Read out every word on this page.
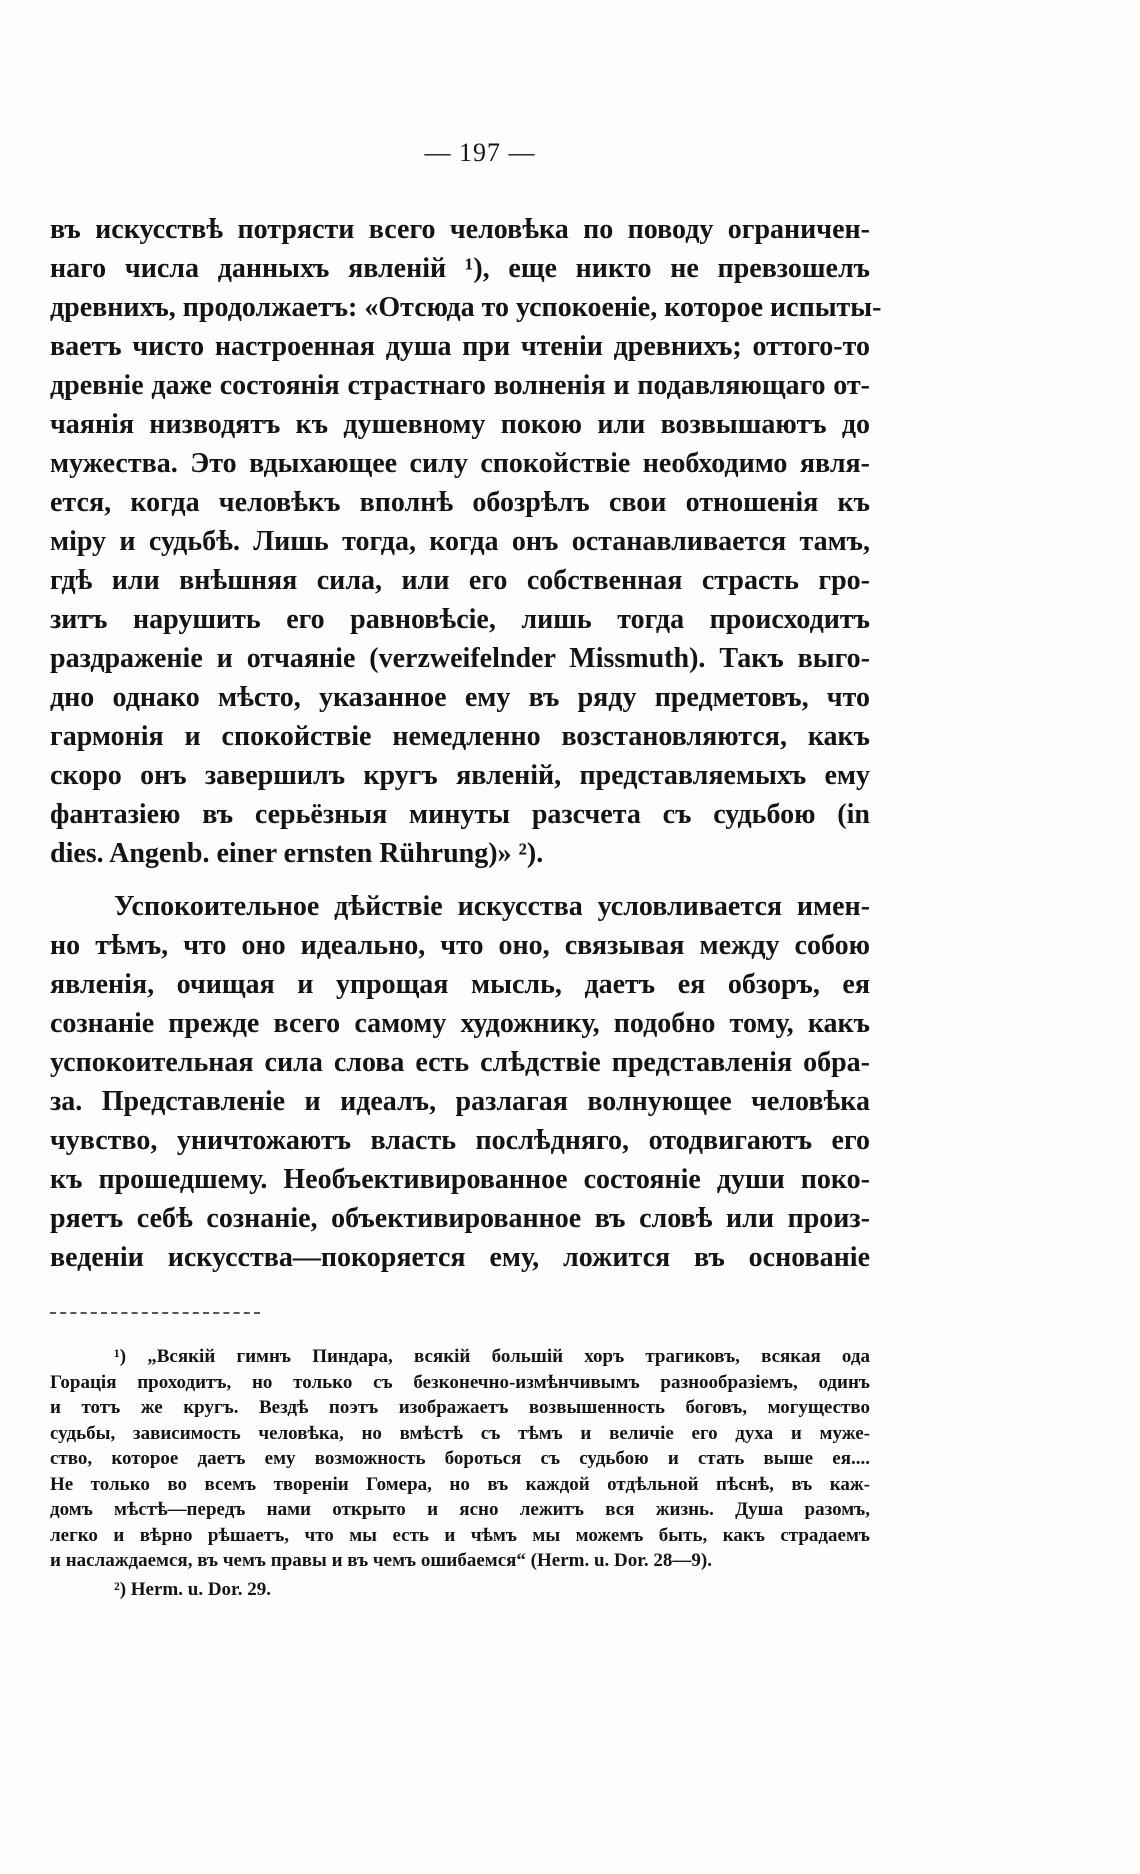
— 197 —
въ искусствѣ потрясти всего человѣка по поводу ограничен-
наго числа данныхъ явленій ¹), еще никто не превзошелъ
древнихъ, продолжаетъ: «Отсюда то успокоеніе, которое испыты-
ваетъ чисто настроенная душа при чтеніи древнихъ; оттого-то
древніе даже состоянія страстнаго волненія и подавляющаго от-
чаянія низводятъ къ душевному покою или возвышаютъ до
мужества. Это вдыхающее силу спокойствіе необходимо явля-
ется, когда человѣкъ вполнѣ обозрѣлъ свои отношенія къ
міру и судьбѣ. Лишь тогда, когда онъ останавливается тамъ,
гдѣ или внѣшняя сила, или его собственная страсть гро-
зитъ нарушить его равновѣсіе, лишь тогда происходитъ
раздраженіе и отчаяніе (verzweifelnder Missmuth). Такъ выго-
дно однако мѣсто, указанное ему въ ряду предметовъ, что
гармонія и спокойствіе немедленно возстановляются, какъ
скоро онъ завершилъ кругъ явленій, представляемыхъ ему
фантазіею въ серьёзныя минуты разсчета съ судьбою (in
dies. Angenb. einer ernsten Rührung)» ²).
Успокоительное дѣйствіе искусства условливается имен-
но тѣмъ, что оно идеально, что оно, связывая между собою
явленія, очищая и упрощая мысль, даетъ ея обзоръ, ея
сознаніе прежде всего самому художнику, подобно тому, какъ
успокоительная сила слова есть слѣдствіе представленія обра-
за. Представленіе и идеалъ, разлагая волнующее человѣка
чувство, уничтожаютъ власть послѣдняго, отодвигаютъ его
къ прошедшему. Необъективированное состояніе души поко-
ряетъ себѣ сознаніе, объективированное въ словѣ или произ-
веденіи искусства—покоряется ему, ложится въ основаніе
¹) „Всякій гимнъ Пиндара, всякій большій хоръ трагиковъ, всякая ода
Горація проходитъ, но только съ безконечно-измѣнчивымъ разнообразіемъ, одинъ
и тотъ же кругъ. Вездѣ поэтъ изображаетъ возвышенность боговъ, могущество
судьбы, зависимость человѣка, но вмѣстѣ съ тѣмъ и величіе его духа и муже-
ство, которое даетъ ему возможность бороться съ судьбою и стать выше ея....
Не только во всемъ твореніи Гомера, но въ каждой отдѣльной пѣснѣ, въ каж-
домъ мѣстѣ—передъ нами открыто и ясно лежитъ вся жизнь. Душа разомъ,
легко и вѣрно рѣшаетъ, что мы есть и чѣмъ мы можемъ быть, какъ страдаемъ
и наслаждаемся, въ чемъ правы и въ чемъ ошибаемся“ (Herm. u. Dor. 28—9).
²) Herm. u. Dor. 29.
